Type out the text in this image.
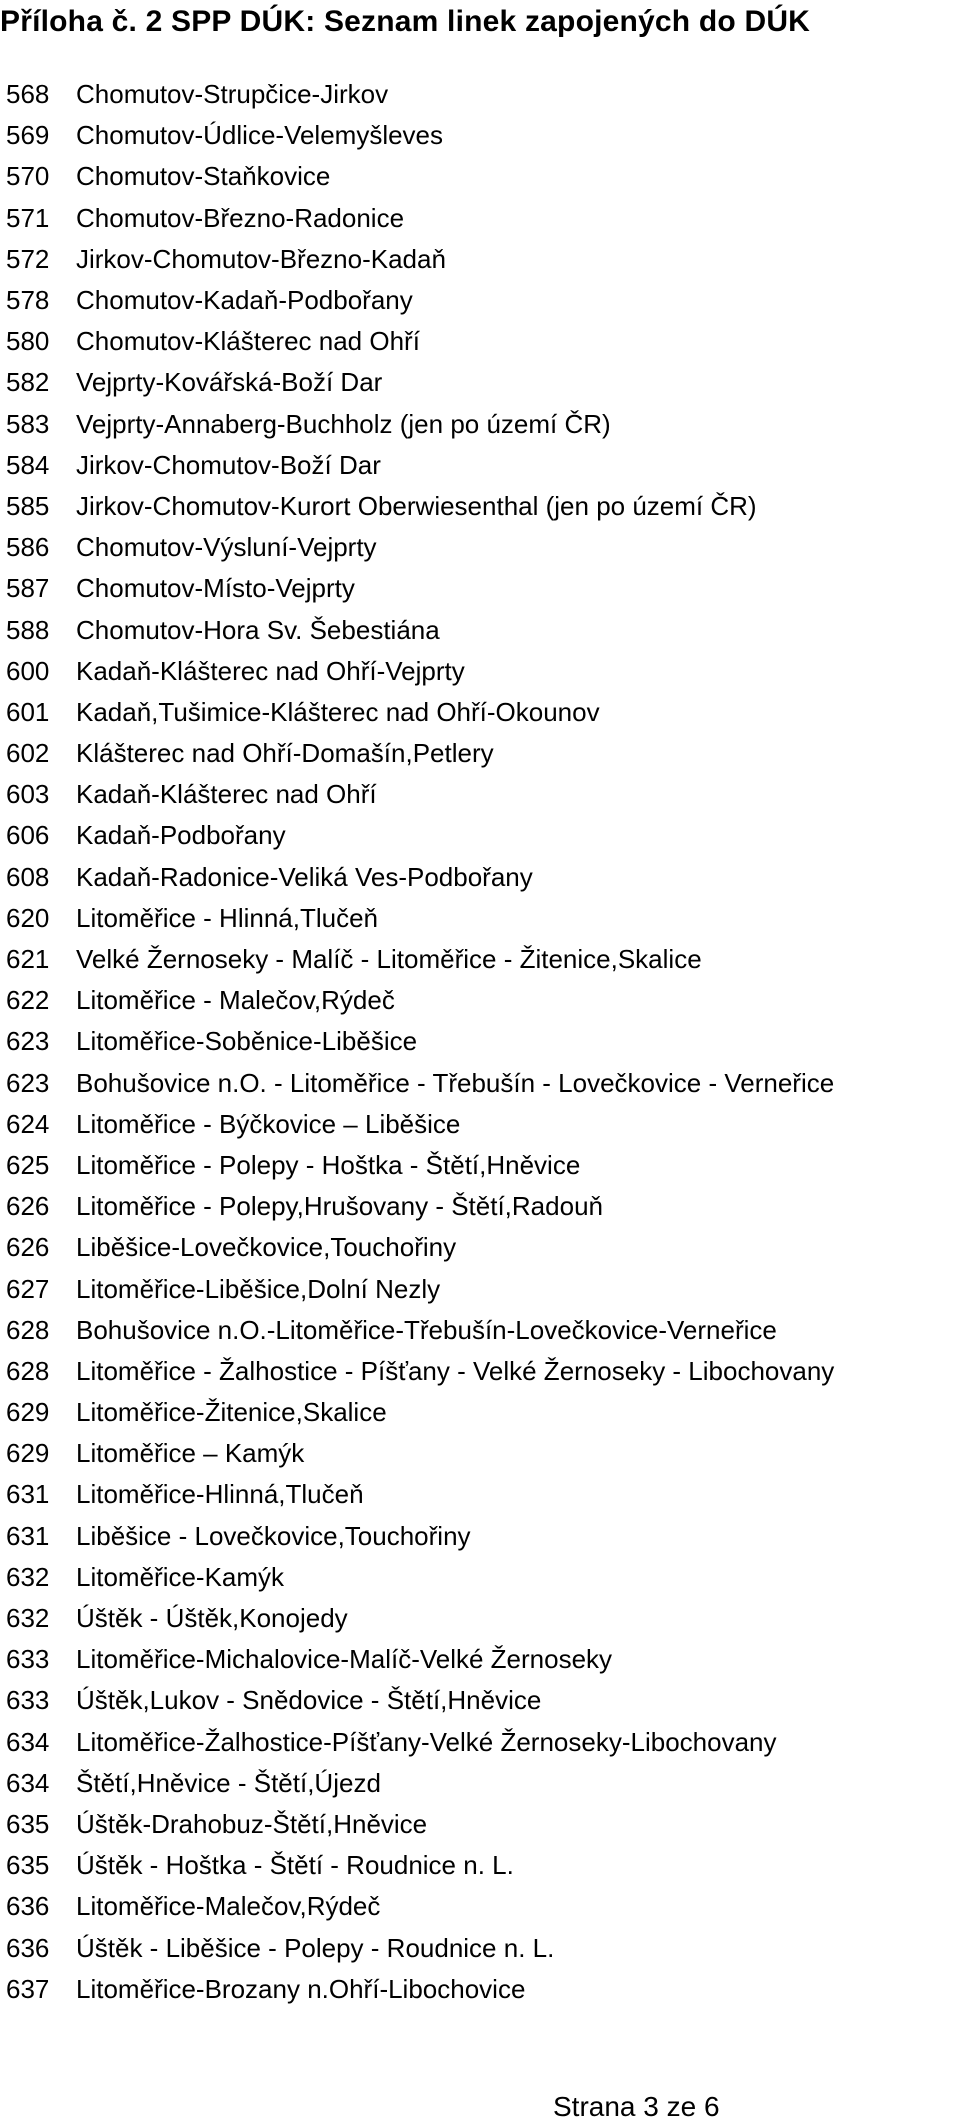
Příloha č. 2 SPP DÚK: Seznam linek zapojených do DÚK
568	Chomutov-Strupčice-Jirkov
569	Chomutov-Údlice-Velemyšleves
570	Chomutov-Staňkovice
571	Chomutov-Březno-Radonice
572	Jirkov-Chomutov-Březno-Kadaň
578	Chomutov-Kadaň-Podbořany
580	Chomutov-Klášterec nad Ohří
582	Vejprty-Kovářská-Boží Dar
583	Vejprty-Annaberg-Buchholz (jen po území ČR)
584	Jirkov-Chomutov-Boží Dar
585	Jirkov-Chomutov-Kurort Oberwiesenthal (jen po území ČR)
586	Chomutov-Výsluní-Vejprty
587	Chomutov-Místo-Vejprty
588	Chomutov-Hora Sv. Šebestiána
600	Kadaň-Klášterec nad Ohří-Vejprty
601	Kadaň,Tušimice-Klášterec nad Ohří-Okounov
602	Klášterec nad Ohří-Domašín,Petlery
603	Kadaň-Klášterec nad Ohří
606	Kadaň-Podbořany
608	Kadaň-Radonice-Veliká Ves-Podbořany
620	Litoměřice - Hlinná,Tlučeň
621	Velké Žernoseky - Malíč - Litoměřice - Žitenice,Skalice
622	Litoměřice - Malečov,Rýdeč
623	Litoměřice-Soběnice-Liběšice
623	Bohušovice n.O. - Litoměřice - Třebušín - Lovečkovice - Verneřice
624	Litoměřice - Býčkovice – Liběšice
625	Litoměřice - Polepy - Hoštka - Štětí,Hněvice
626	Litoměřice - Polepy,Hrušovany - Štětí,Radouň
626	Liběšice-Lovečkovice,Touchořiny
627	Litoměřice-Liběšice,Dolní Nezly
628	Bohušovice n.O.-Litoměřice-Třebušín-Lovečkovice-Verneřice
628	Litoměřice - Žalhostice - Píšťany - Velké Žernoseky - Libochovany
629	Litoměřice-Žitenice,Skalice
629	Litoměřice – Kamýk
631	Litoměřice-Hlinná,Tlučeň
631	Liběšice - Lovečkovice,Touchořiny
632	Litoměřice-Kamýk
632	Úštěk - Úštěk,Konojedy
633	Litoměřice-Michalovice-Malíč-Velké Žernoseky
633	Úštěk,Lukov - Snědovice - Štětí,Hněvice
634	Litoměřice-Žalhostice-Píšťany-Velké Žernoseky-Libochovany
634	Štětí,Hněvice - Štětí,Újezd
635	Úštěk-Drahobuz-Štětí,Hněvice
635	Úštěk - Hoštka - Štětí - Roudnice n. L.
636	Litoměřice-Malečov,Rýdeč
636	Úštěk - Liběšice - Polepy - Roudnice n. L.
637	Litoměřice-Brozany n.Ohří-Libochovice
Strana 3 ze 6
